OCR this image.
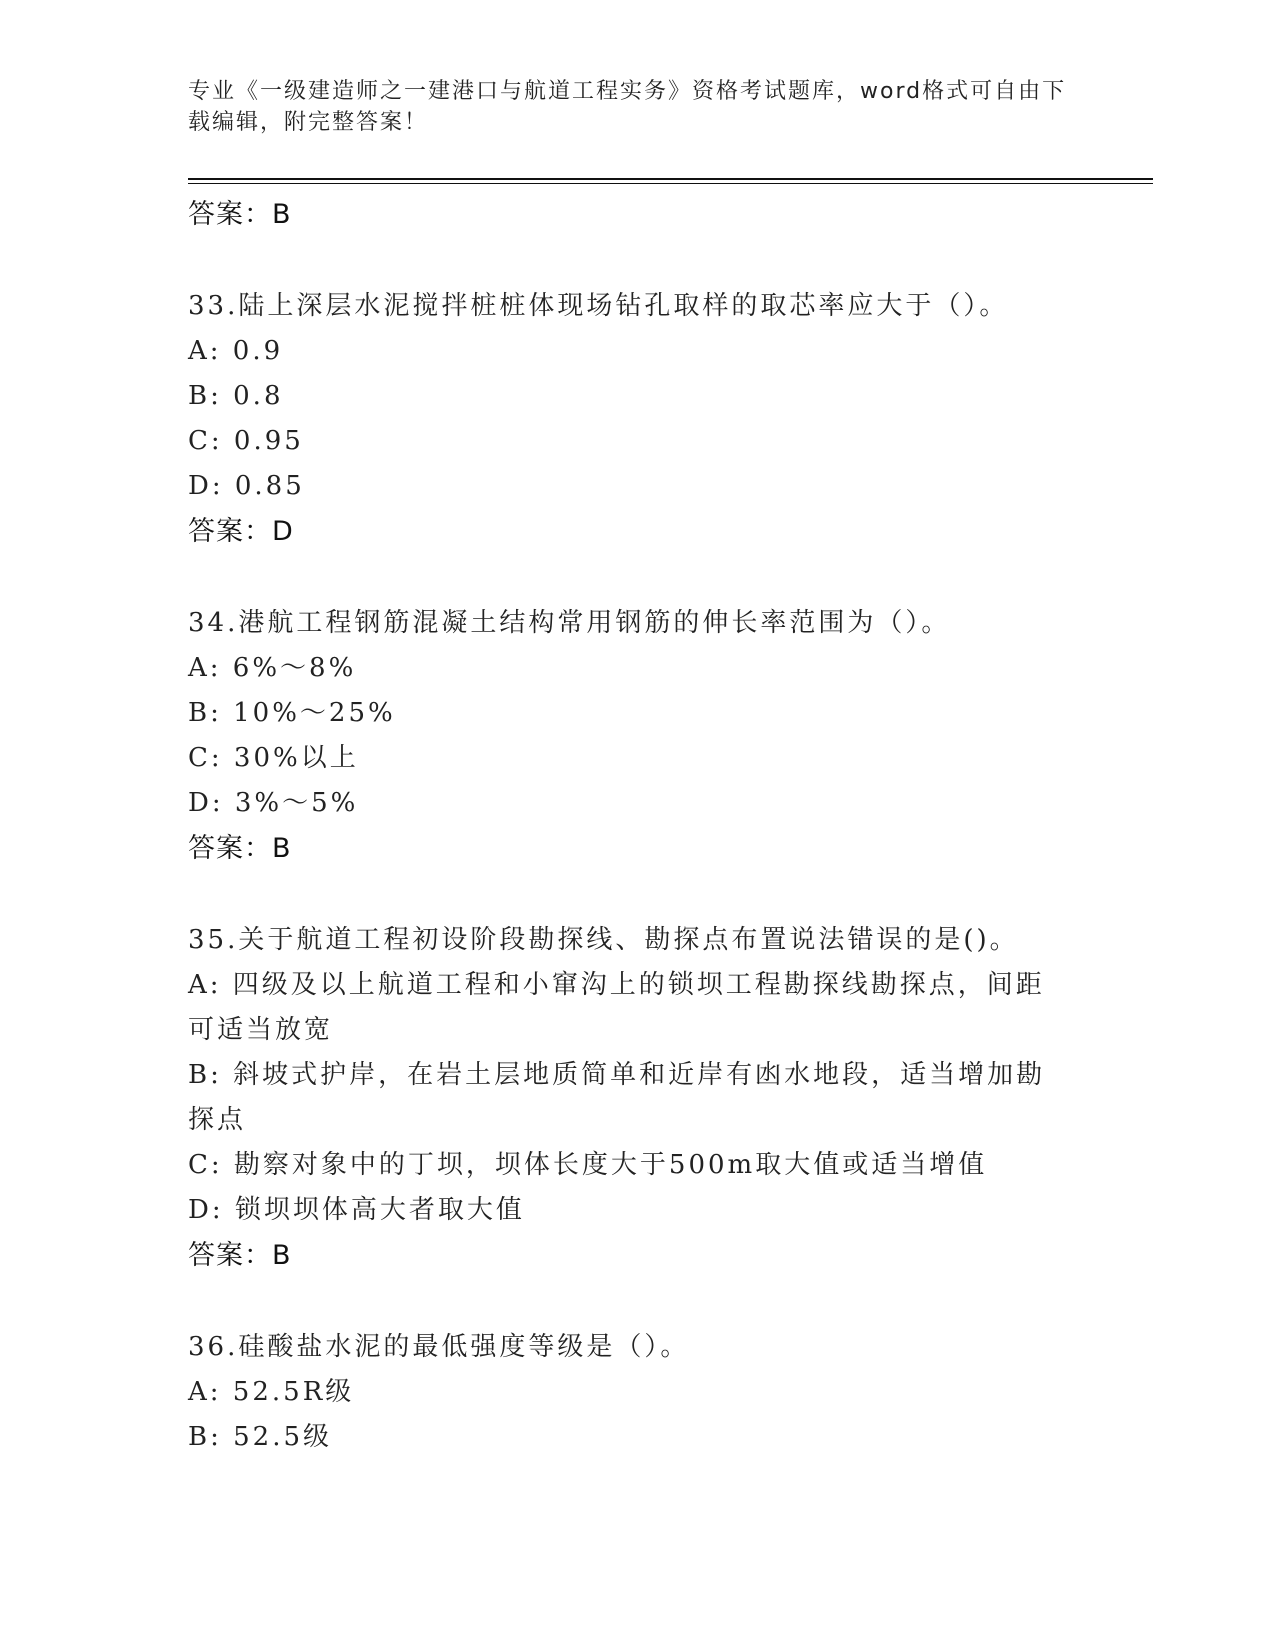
专业《一级建造师之一建港口与航道工程实务》资格考试题库，word格式可自由下载编辑，附完整答案！

答案：B

33.陆上深层水泥搅拌桩桩体现场钻孔取样的取芯率应大于（）。

A: 0.9

B: 0.8

C: 0.95

D: 0.85

答案：D

34.港航工程钢筋混凝土结构常用钢筋的伸长率范围为（）。

A: 6%～8%

B: 10%～25%

C: 30%以上

D: 3%～5%

答案：B

35.关于航道工程初设阶段勘探线、勘探点布置说法错误的是()。

A: 四级及以上航道工程和小窜沟上的锁坝工程勘探线勘探点，间距可适当放宽

B: 斜坡式护岸，在岩土层地质简单和近岸有凼水地段，适当增加勘探点

C: 勘察对象中的丁坝，坝体长度大于500m取大值或适当增值

D: 锁坝坝体高大者取大值

答案：B

36.硅酸盐水泥的最低强度等级是（）。

A: 52.5R级

B: 52.5级
